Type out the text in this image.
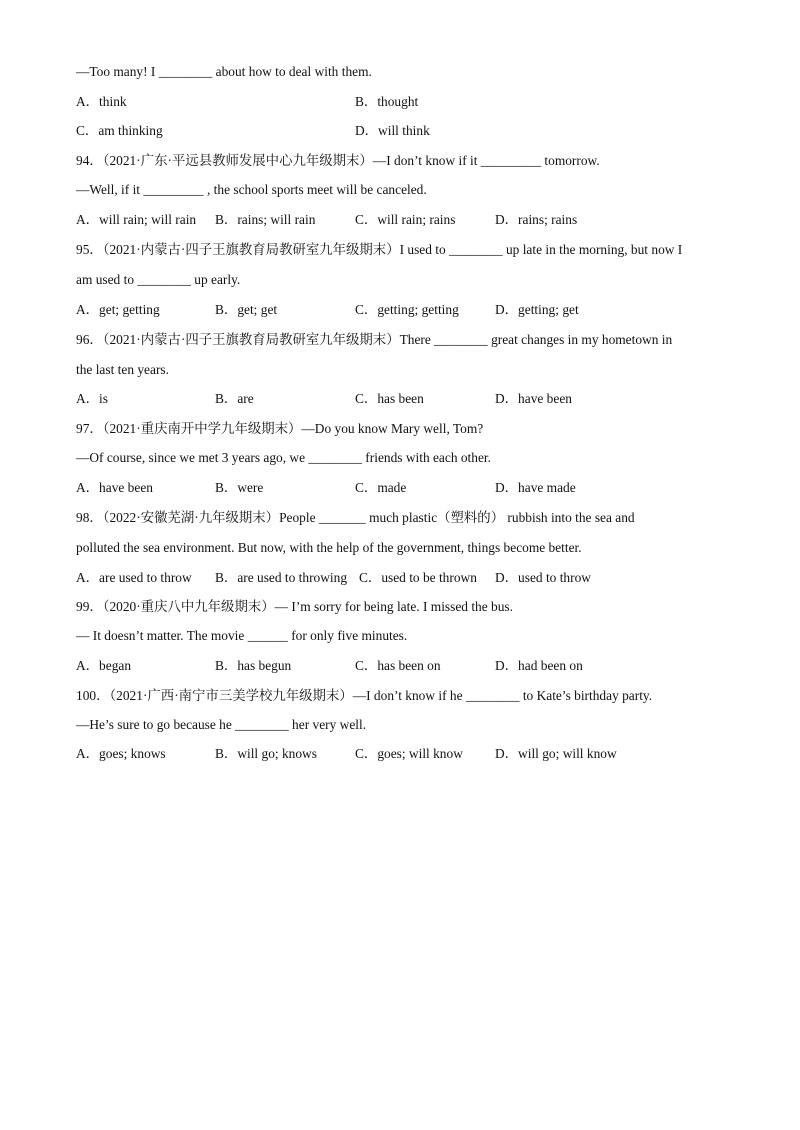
—Too many! I ________ about how to deal with them.
A．think	B．thought
C．am thinking	D．will think
94．（2021·广东·平远县教师发展中心九年级期末）—I don’t know if it _________ tomorrow.
—Well, if it _________ , the school sports meet will be canceled.
A．will rain; will rain B．rains; will rain	C．will rain; rains	D．rains; rains
95．（2021·内蒙古·四子王旗教育局教研室九年级期末）I used to ________ up late in the morning, but now I
am used to ________ up early.
A．get; getting	B．get; get	C．getting; getting	D．getting; get
96．（2021·内蒙古·四子王旗教育局教研室九年级期末）There ________ great changes in my hometown in
the last ten years.
A．is	B．are	C．has been	D．have been
97．（2021·重庆南开中学九年级期末）—Do you know Mary well, Tom?
—Of course, since we met 3 years ago, we ________ friends with each other.
A．have been	B．were	C．made	D．have made
98．（2022·安徽芜湖·九年级期末）People _______ much plastic（塑料的） rubbish into the sea and
polluted the sea environment. But now, with the help of the government, things become better.
A．are used to throw B．are used to throwing C．used to be thrown D．used to throw
99．（2020·重庆八中九年级期末）— I’m sorry for being late. I missed the bus.
— It doesn’t matter. The movie ______ for only five minutes.
A．began	B．has begun	C．has been on	D．had been on
100．（2021·广西·南宁市三美学校九年级期末）—I don’t know if he ________ to Kate’s birthday party.
—He’s sure to go because he ________ her very well.
A．goes; knows	B．will go; knows	C．goes; will know D．will go; will know
